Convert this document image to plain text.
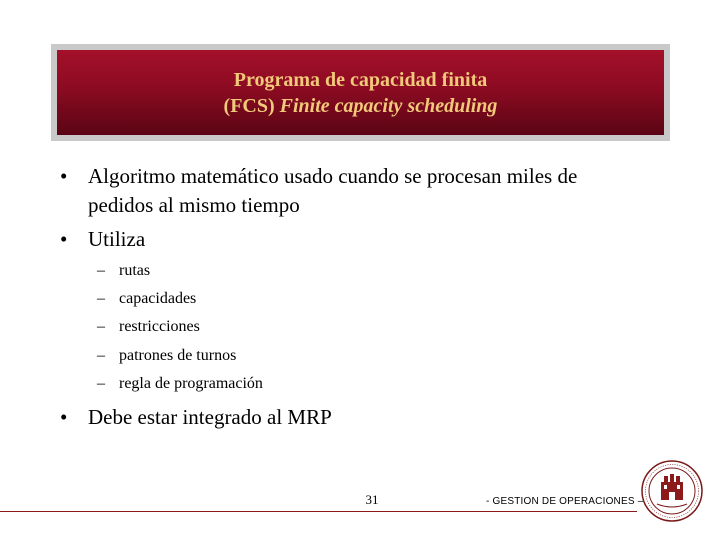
Programa de capacidad finita
(FCS) Finite capacity scheduling
• Algoritmo matemático usado cuando se procesan miles de
pedidos al mismo tiempo
• Utiliza
– rutas
– capacidades
– restricciones
– patrones de turnos
– regla de programación
• Debe estar integrado al MRP
31	- GESTION DE OPERACIONES –
